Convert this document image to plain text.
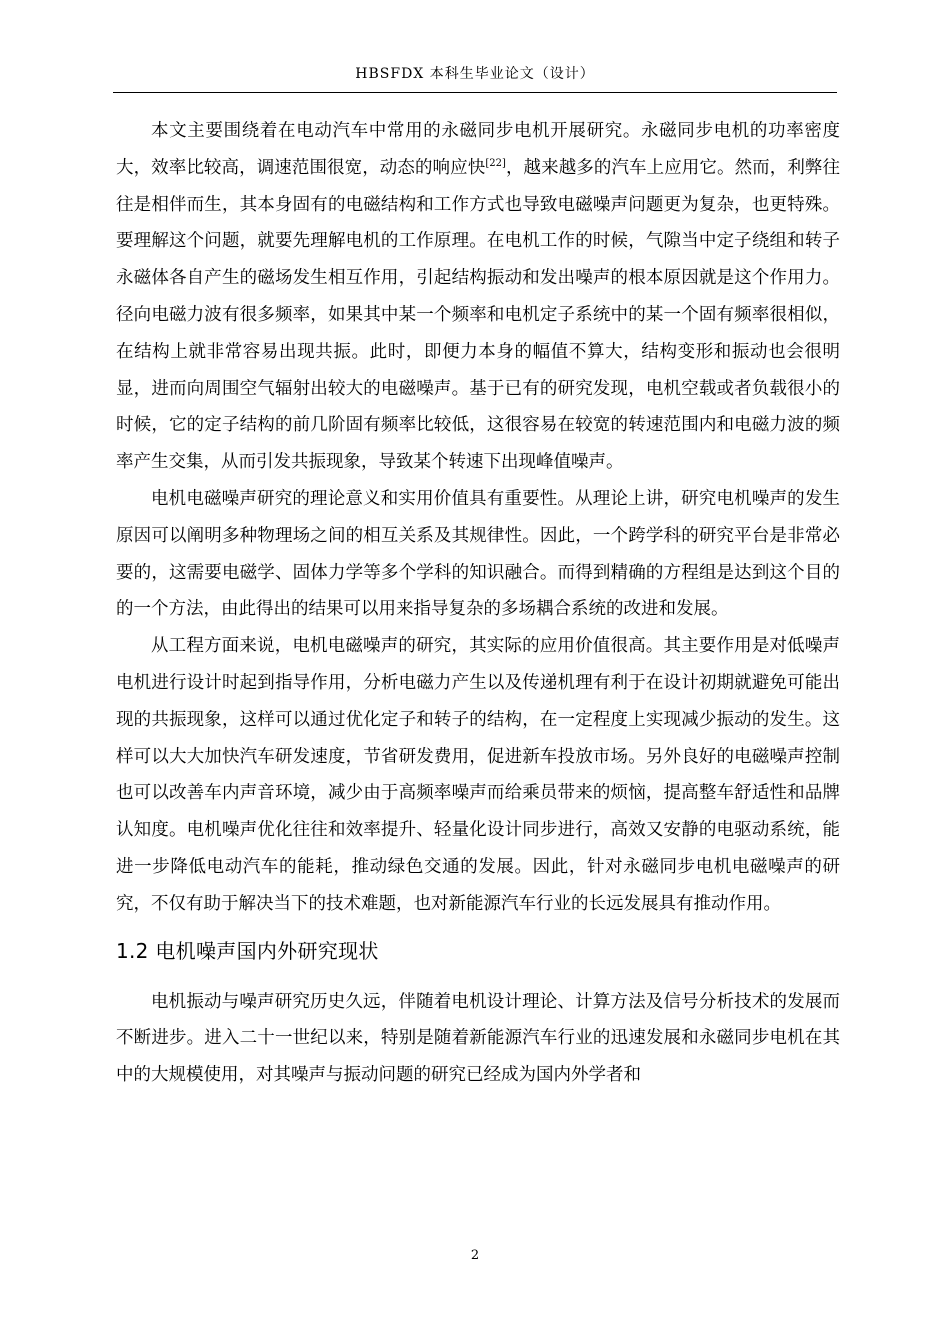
HBSFDX 本科生毕业论文（设计）

本文主要围绕着在电动汽车中常用的永磁同步电机开展研究。永磁同步电机的功率密度大，效率比较高，调速范围很宽，动态的响应快[22]，越来越多的汽车上应用它。然而，利弊往往是相伴而生，其本身固有的电磁结构和工作方式也导致电磁噪声问题更为复杂，也更特殊。要理解这个问题，就要先理解电机的工作原理。在电机工作的时候，气隙当中定子绕组和转子永磁体各自产生的磁场发生相互作用，引起结构振动和发出噪声的根本原因就是这个作用力。径向电磁力波有很多频率，如果其中某一个频率和电机定子系统中的某一个固有频率很相似，在结构上就非常容易出现共振。此时，即便力本身的幅值不算大，结构变形和振动也会很明显，进而向周围空气辐射出较大的电磁噪声。基于已有的研究发现，电机空载或者负载很小的时候，它的定子结构的前几阶固有频率比较低，这很容易在较宽的转速范围内和电磁力波的频率产生交集，从而引发共振现象，导致某个转速下出现峰值噪声。

电机电磁噪声研究的理论意义和实用价值具有重要性。从理论上讲，研究电机噪声的发生原因可以阐明多种物理场之间的相互关系及其规律性。因此，一个跨学科的研究平台是非常必要的，这需要电磁学、固体力学等多个学科的知识融合。而得到精确的方程组是达到这个目的的一个方法，由此得出的结果可以用来指导复杂的多场耦合系统的改进和发展。

从工程方面来说，电机电磁噪声的研究，其实际的应用价值很高。其主要作用是对低噪声电机进行设计时起到指导作用，分析电磁力产生以及传递机理有利于在设计初期就避免可能出现的共振现象，这样可以通过优化定子和转子的结构，在一定程度上实现减少振动的发生。这样可以大大加快汽车研发速度，节省研发费用，促进新车投放市场。另外良好的电磁噪声控制也可以改善车内声音环境，减少由于高频率噪声而给乘员带来的烦恼，提高整车舒适性和品牌认知度。电机噪声优化往往和效率提升、轻量化设计同步进行，高效又安静的电驱动系统，能进一步降低电动汽车的能耗，推动绿色交通的发展。因此，针对永磁同步电机电磁噪声的研究，不仅有助于解决当下的技术难题，也对新能源汽车行业的长远发展具有推动作用。

1.2 电机噪声国内外研究现状

电机振动与噪声研究历史久远，伴随着电机设计理论、计算方法及信号分析技术的发展而不断进步。进入二十一世纪以来，特别是随着新能源汽车行业的迅速发展和永磁同步电机在其中的大规模使用，对其噪声与振动问题的研究已经成为国内外学者和

2
